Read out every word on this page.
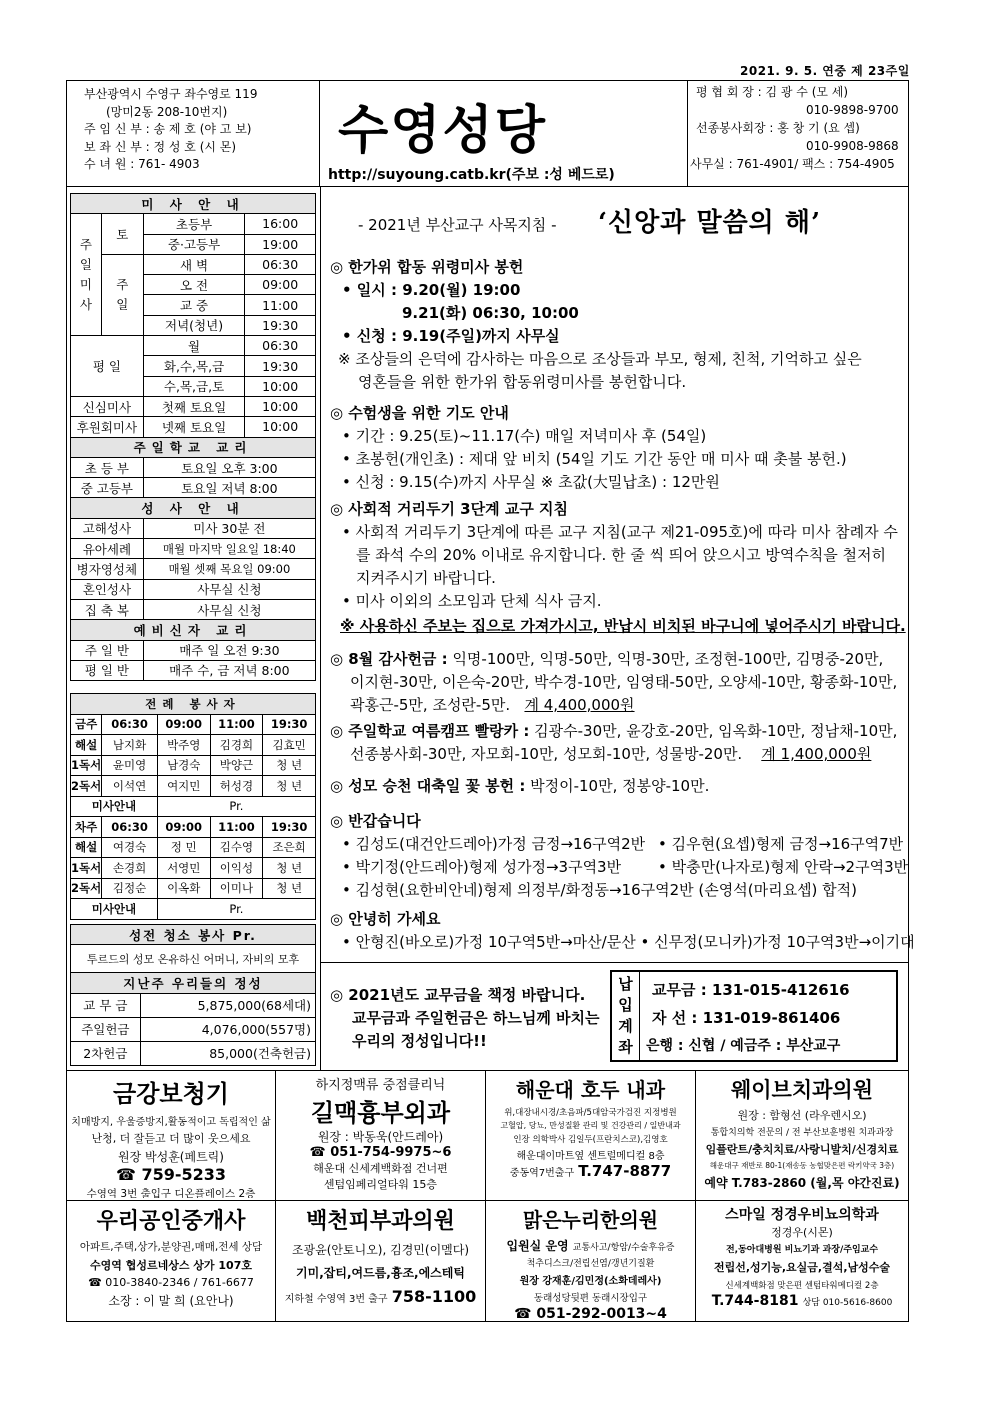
2021. 9. 5. 연중 제 23주일
부산광역시 수영구 좌수영로 119
(망미2동 208-10번지)
주 임 신 부 : 송 제 호 (야 고 보)
보 좌 신 부 : 정 성 호 (시 몬)
수 녀 원 : 761- 4903
수영성당
http://suyoung.catb.kr(주보 :성 베드로)
평 협 회 장 : 김 광 수 (모 세)
010-9898-9700
선종봉사회장 : 홍 창 기 (요 셉)
010-9908-9868
사무실 : 761-4901/ 팩스 : 754-4905
미 사 안 내			
주
일
미
사	토	초등부	16:00
		중·고등부	19:00
	주
일	새 벽	06:30
		오 전	09:00
		교 중	11:00
		저녁(청년)	19:30
평 일		월	06:30
		화,수,목,금	19:30
		수,목,금,토	10:00
신심미사		첫째 토요일	10:00
후원회미사		넷째 토요일	10:00
주일학교 교리			
초 등 부		토요일 오후 3:00	
중 고등부		토요일 저녁 8:00	
성 사 안 내			
고해성사		미사 30분 전	
유아세례		매월 마지막 일요일 18:40	
병자영성체		매월 셋째 목요일 09:00	
혼인성사		사무실 신청	
집 축 복		사무실 신청	
예비신자 교리			
주 일 반		매주 일 오전 9:30	
평 일 반		매주 수, 금 저녁 8:00	
전례 봉사자				
금주	06:30	09:00	11:00	19:30
해설	남지화	박주영	김경희	김효민
1독서	윤미영	남경숙	박양근	청 년
2독서	이석연	여지민	허성경	청 년
미사안내		Pr.		
차주	06:30	09:00	11:00	19:30
해설	여경숙	정 민	김수영	조은희
1독서	손경희	서영민	이익성	청 년
2독서	김정순	이옥화	이미나	청 년
미사안내		Pr.		
성전 청소 봉사 Pr.	
투르드의 성모 온유하신 어머니, 자비의 모후	
지난주 우리들의 정성	
교 무 금	5,875,000(68세대)
주일헌금	4,076,000(557명)
2차헌금	85,000(건축헌금)
- 2021년 부산교구 사목지침 - ‘신앙과 말씀의 해’
◎ 한가위 합동 위령미사 봉헌
• 일시 : 9.20(월) 19:00
9.21(화) 06:30, 10:00
• 신청 : 9.19(주일)까지 사무실
※ 조상들의 은덕에 감사하는 마음으로 조상들과 부모, 형제, 친척, 기억하고 싶은
영혼들을 위한 한가위 합동위령미사를 봉헌합니다.
◎ 수험생을 위한 기도 안내
• 기간 : 9.25(토)~11.17(수) 매일 저녁미사 후 (54일)
• 초봉헌(개인초) : 제대 앞 비치 (54일 기도 기간 동안 매 미사 때 촛불 봉헌.)
• 신청 : 9.15(수)까지 사무실 ※ 초값(大밀납초) : 12만원
◎ 사회적 거리두기 3단계 교구 지침
• 사회적 거리두기 3단계에 따른 교구 지침(교구 제21-095호)에 따라 미사 참례자 수
를 좌석 수의 20% 이내로 유지합니다. 한 줄 씩 띄어 앉으시고 방역수칙을 철저히
지켜주시기 바랍니다.
• 미사 이외의 소모임과 단체 식사 금지.
※ 사용하신 주보는 집으로 가져가시고, 반납시 비치된 바구니에 넣어주시기 바랍니다.
◎ 8월 감사헌금 : 익명-100만, 익명-50만, 익명-30만, 조정현-100만, 김명중-20만,
이지현-30만, 이은숙-20만, 박수경-10만, 임영태-50만, 오양세-10만, 황종화-10만,
곽홍근-5만, 조성란-5만. 계 4,400,000원
◎ 주일학교 여름캠프 빨랑카 : 김광수-30만, 윤강호-20만, 임옥화-10만, 정남채-10만,
선종봉사회-30만, 자모회-10만, 성모회-10만, 성물방-20만. 계 1,400,000원
◎ 성모 승천 대축일 꽃 봉헌 : 박정이-10만, 정봉양-10만.
◎ 반갑습니다
• 김성도(대건안드레아)가정 금정→16구역2반 • 김우현(요셉)형제 금정→16구역7반
• 박기정(안드레아)형제 성가정→3구역3반 • 박충만(나자로)형제 안락→2구역3반
• 김성현(요한비안네)형제 의정부/화정동→16구역2반 (손영석(마리요셉) 합적)
◎ 안녕히 가세요
• 안형진(바오로)가정 10구역5반→마산/문산 • 신무정(모니카)가정 10구역3반→이기대
◎ 2021년도 교무금을 책정 바랍니다.
교무금과 주일헌금은 하느님께 바치는
우리의 정성입니다!!
납
입
계
좌
교무금 : 131-015-412616
자 선 : 131-019-861406
은행 : 신협 / 예금주 : 부산교구
금강보청기
치매방지, 우울증방지,활동적이고 독립적인 삶
난청, 더 잘듣고 더 많이 웃으세요
원장 박성훈(페트릭)
☎ 759-5233
수영역 3번 출입구 디온플레이스 2층
하지정맥류 중점클리닉
길맥흉부외과
원장 : 박동욱(안드레아)
☎ 051-754-9975~6
해운대 신세계백화점 건너편
센텀임페리얼타워 15층
해운대 호두 내과
위,대장내시경/초음파/5대암국가검진 지정병원
고혈압, 당뇨, 만성질환 관리 및 건강관리 / 일반내과
인장 의학박사 김일두(프란치스코),김영호
해운대이마트옆 센트럴메디컬 8층
중동역7번출구 T.747-8877
웨이브치과의원
원장 : 함형선 (라우렌시오)
통합치의학 전문의 / 전 부산보훈병원 치과과장
임플란트/충치치료/사랑니발치/신경치료
해운대구 재반로 80-1(재송동 농협맞은편 락키약국 3층)
예약 T.783-2860 (월,목 야간진료)
우리공인중개사
아파트,주택,상가,분양권,매매,전세 상담
수영역 협성르네상스 상가 107호
☎ 010-3840-2346 / 761-6677
소장 : 이 말 희 (요안나)
백천피부과의원
조광윤(안토니오), 김경민(이멜다)
기미,잡티,여드름,흉조,에스테틱
지하철 수영역 3번 출구 758-1100
맑은누리한의원
입원실 운영 교통사고/항암/수술후유증
척추디스크/전립선염/갱년기질환
원장 강재훈/김민정(소화데레사)
동래성당뒷편 동래시장입구
☎ 051-292-0013~4
스마일 정경우비뇨의학과
정경우(시몬)
전,동아대병원 비뇨기과 과장/주임교수
전립선,성기능,요실금,결석,남성수술
신세계백화점 맞은편 센텀타워메디컬 2층
T.744-8181 상담 010-5616-8600
